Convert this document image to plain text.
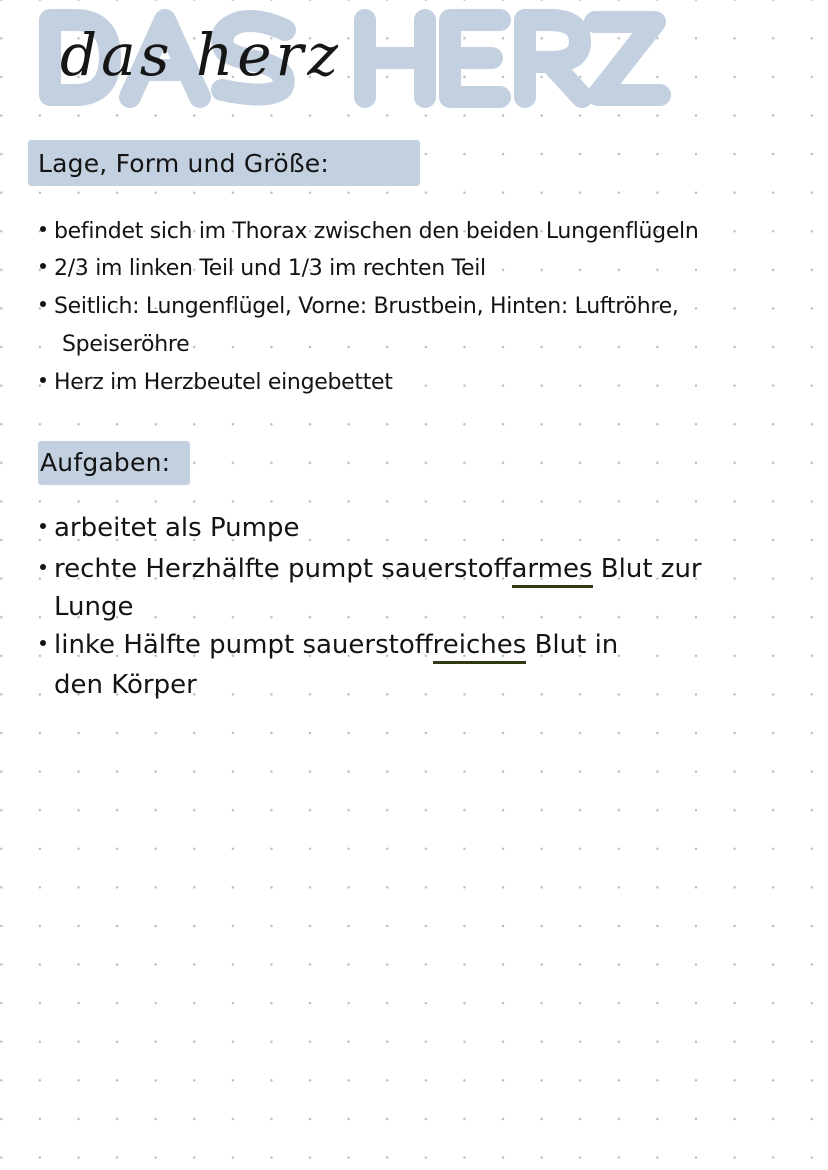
das herz
Lage, Form und Größe:
befindet sich im Thorax zwischen den beiden Lungenflügeln
2/3 im linken Teil und 1/3 im rechten Teil
Seitlich: Lungenflügel, Vorne: Brustbein, Hinten: Luftröhre,
Speiseröhre
Herz im Herzbeutel eingebettet
Aufgaben:
arbeitet als Pumpe
rechte Herzhälfte pumpt sauerstoffarmes Blut zur
Lunge
linke Hälfte pumpt sauerstoffreiches Blut in
den Körper
